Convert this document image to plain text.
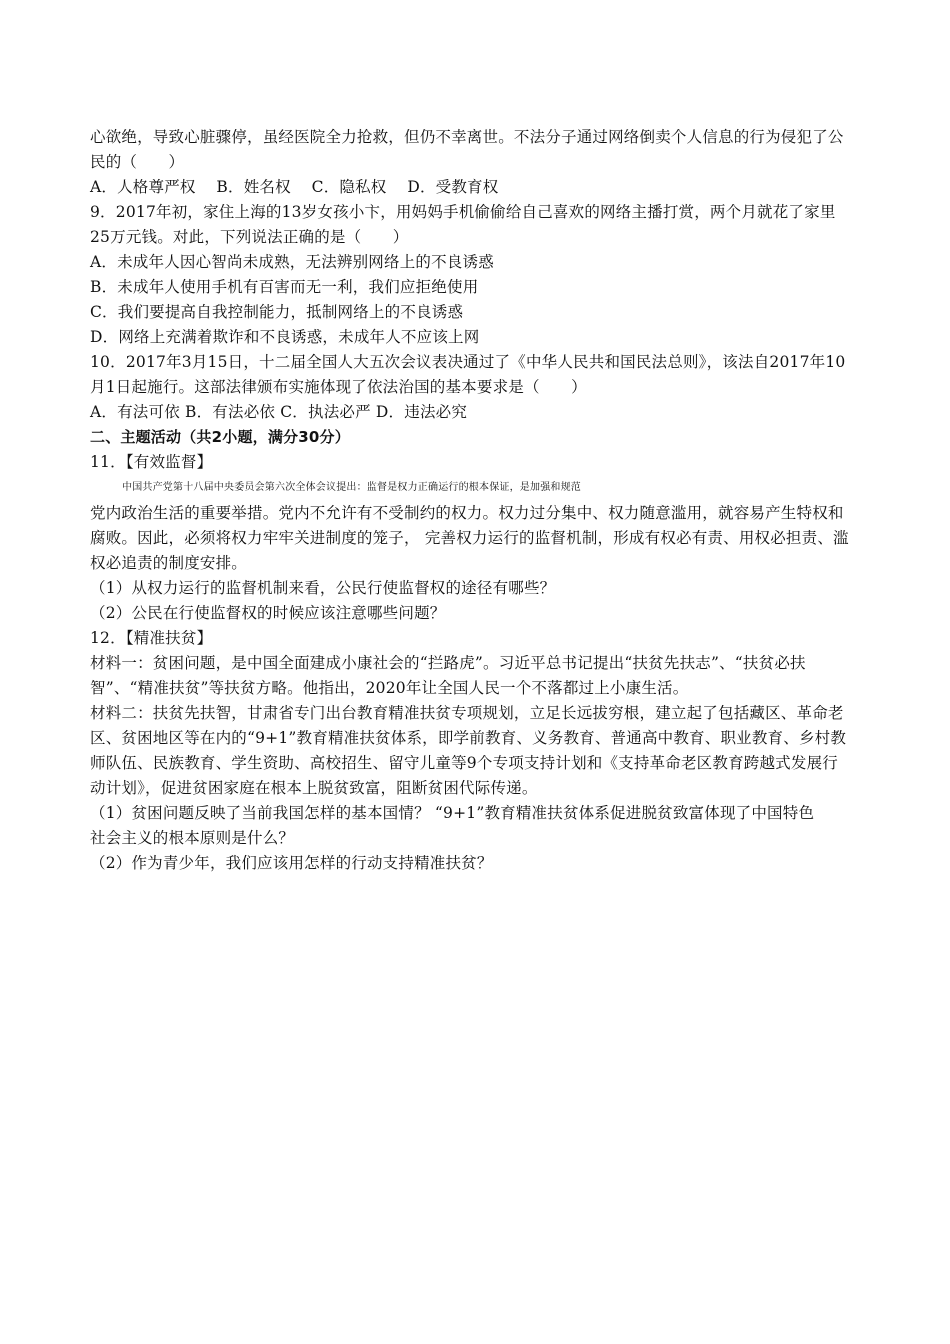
心欲绝，导致心脏骤停，虽经医院全力抢救，但仍不幸离世。不法分子通过网络倒卖个人信息的行为侵犯了公
民的（　　）
A．人格尊严权　 B．姓名权　 C．隐私权　 D．受教育权
9．2017年初，家住上海的13岁女孩小卞，用妈妈手机偷偷给自己喜欢的网络主播打赏，两个月就花了家里
25万元钱。对此，下列说法正确的是（　　）
A．未成年人因心智尚未成熟，无法辨别网络上的不良诱惑
B．未成年人使用手机有百害而无一利，我们应拒绝使用
C．我们要提高自我控制能力，抵制网络上的不良诱惑
D．网络上充满着欺诈和不良诱惑，未成年人不应该上网
10．2017年3月15日，十二届全国人大五次会议表决通过了《中华人民共和国民法总则》，该法自2017年10
月1日起施行。这部法律颁布实施体现了依法治国的基本要求是（　　）
A．有法可依 B．有法必依 C．执法必严 D．违法必究
二、主题活动（共2小题，满分30分）
11．【有效监督】
中国共产党第十八届中央委员会第六次全体会议提出：监督是权力正确运行的根本保证，是加强和规范
党内政治生活的重要举措。党内不允许有不受制约的权力。权力过分集中、权力随意滥用，就容易产生特权和
腐败。因此，必须将权力牢牢关进制度的笼子， 完善权力运行的监督机制，形成有权必有责、用权必担责、滥
权必追责的制度安排。
（1）从权力运行的监督机制来看，公民行使监督权的途径有哪些？
（2）公民在行使监督权的时候应该注意哪些问题？
12．【精准扶贫】
材料一：贫困问题，是中国全面建成小康社会的“拦路虎”。习近平总书记提出“扶贫先扶志”、“扶贫必扶
智”、“精准扶贫”等扶贫方略。他指出，2020年让全国人民一个不落都过上小康生活。
材料二：扶贫先扶智，甘肃省专门出台教育精准扶贫专项规划，立足长远拔穷根，建立起了包括藏区、革命老
区、贫困地区等在内的“9+1”教育精准扶贫体系，即学前教育、义务教育、普通高中教育、职业教育、乡村教
师队伍、民族教育、学生资助、高校招生、留守儿童等9个专项支持计划和《支持革命老区教育跨越式发展行
动计划》，促进贫困家庭在根本上脱贫致富，阻断贫困代际传递。
（1）贫困问题反映了当前我国怎样的基本国情？ “9+1”教育精准扶贫体系促进脱贫致富体现了中国特色
社会主义的根本原则是什么？
（2）作为青少年，我们应该用怎样的行动支持精准扶贫？
